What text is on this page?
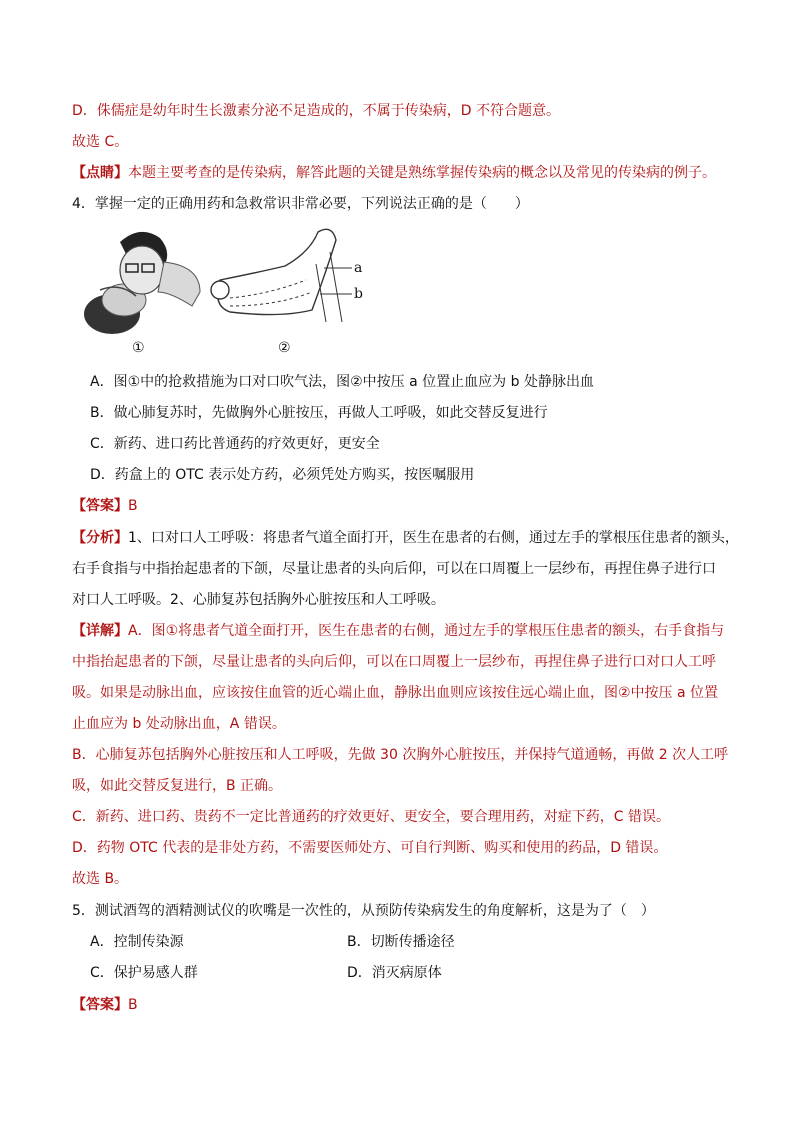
D．侏儒症是幼年时生长激素分泌不足造成的，不属于传染病，D 不符合题意。
故选 C。
【点睛】本题主要考查的是传染病，解答此题的关键是熟练掌握传染病的概念以及常见的传染病的例子。
4．掌握一定的正确用药和急救常识非常必要，下列说法正确的是（　　）
a
b
①	②
A．图①中的抢救措施为口对口吹气法，图②中按压 a 位置止血应为 b 处静脉出血
B．做心肺复苏时，先做胸外心脏按压，再做人工呼吸，如此交替反复进行
C．新药、进口药比普通药的疗效更好，更安全
D．药盒上的 OTC 表示处方药，必须凭处方购买，按医嘱服用
【答案】B
【分析】1、口对口人工呼吸：将患者气道全面打开，医生在患者的右侧，通过左手的掌根压住患者的额头，
右手食指与中指抬起患者的下颌，尽量让患者的头向后仰，可以在口周覆上一层纱布，再捏住鼻子进行口
对口人工呼吸。2、心肺复苏包括胸外心脏按压和人工呼吸。
【详解】A．图①将患者气道全面打开，医生在患者的右侧，通过左手的掌根压住患者的额头，右手食指与
中指抬起患者的下颌，尽量让患者的头向后仰，可以在口周覆上一层纱布，再捏住鼻子进行口对口人工呼
吸。如果是动脉出血，应该按住血管的近心端止血，静脉出血则应该按住远心端止血，图②中按压 a 位置
止血应为 b 处动脉出血，A 错误。
B．心肺复苏包括胸外心脏按压和人工呼吸，先做 30 次胸外心脏按压，并保持气道通畅，再做 2 次人工呼
吸，如此交替反复进行，B 正确。
C．新药、进口药、贵药不一定比普通药的疗效更好、更安全，要合理用药，对症下药，C 错误。
D．药物 OTC 代表的是非处方药，不需要医师处方、可自行判断、购买和使用的药品，D 错误。
故选 B。
5．测试酒驾的酒精测试仪的吹嘴是一次性的，从预防传染病发生的角度解析，这是为了（　）
A．控制传染源	B．切断传播途径
C．保护易感人群	D．消灭病原体
【答案】B
